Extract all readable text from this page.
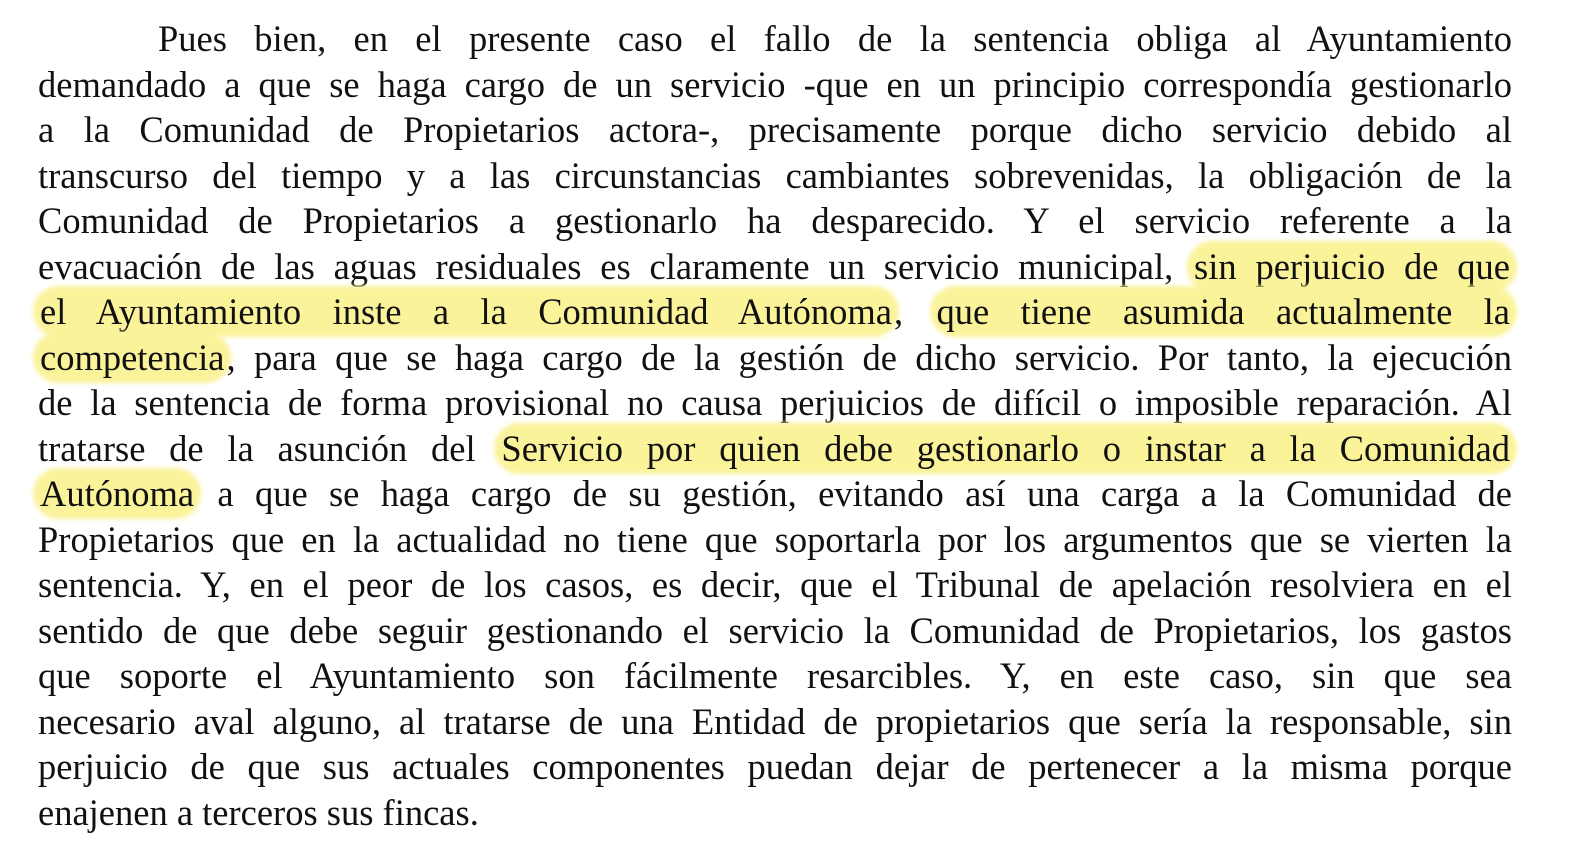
Pues bien, en el presente caso el fallo de la sentencia obliga al Ayuntamiento
demandado a que se haga cargo de un servicio -que en un principio correspondía gestionarlo
a la Comunidad de Propietarios actora-, precisamente porque dicho servicio debido al
transcurso del tiempo y a las circunstancias cambiantes sobrevenidas, la obligación de la
Comunidad de Propietarios a gestionarlo ha desparecido. Y el servicio referente a la
evacuación de las aguas residuales es claramente un servicio municipal, sin perjuicio de que
el Ayuntamiento inste a la Comunidad Autónoma, que tiene asumida actualmente la
competencia, para que se haga cargo de la gestión de dicho servicio. Por tanto, la ejecución
de la sentencia de forma provisional no causa perjuicios de difícil o imposible reparación. Al
tratarse de la asunción del Servicio por quien debe gestionarlo o instar a la Comunidad
Autónoma a que se haga cargo de su gestión, evitando así una carga a la Comunidad de
Propietarios que en la actualidad no tiene que soportarla por los argumentos que se vierten la
sentencia. Y, en el peor de los casos, es decir, que el Tribunal de apelación resolviera en el
sentido de que debe seguir gestionando el servicio la Comunidad de Propietarios, los gastos
que soporte el Ayuntamiento son fácilmente resarcibles. Y, en este caso, sin que sea
necesario aval alguno, al tratarse de una Entidad de propietarios que sería la responsable, sin
perjuicio de que sus actuales componentes puedan dejar de pertenecer a la misma porque
enajenen a terceros sus fincas.
